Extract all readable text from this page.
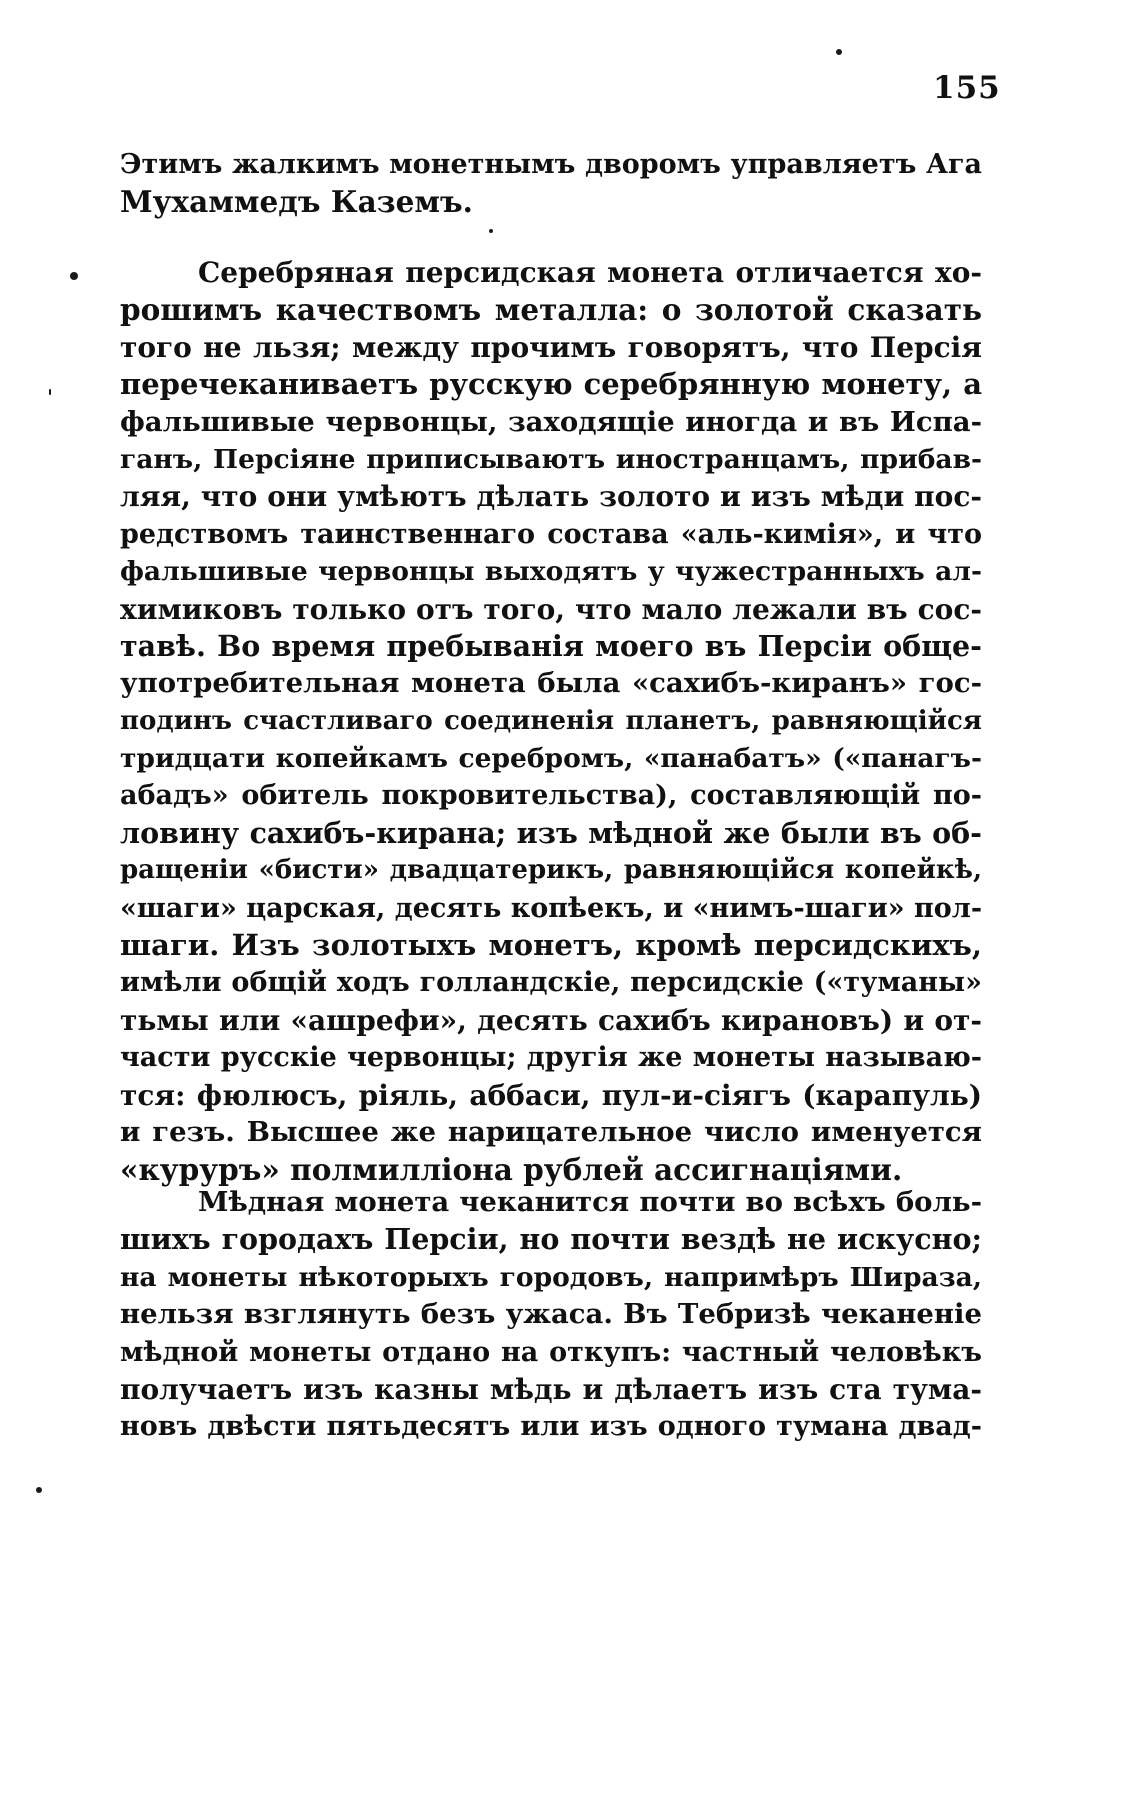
155
Этимъ жалкимъ монетнымъ дворомъ управляетъ Ага
Мухаммедъ Каземъ.
Серебряная персидская монета отличается хо-
рошимъ качествомъ металла: о золотой сказать
того не льзя; между прочимъ говорятъ, что Персія
перечеканиваетъ русскую серебрянную монету, а
фальшивые червонцы, заходящіе иногда и въ Испа-
ганъ, Персіяне приписываютъ иностранцамъ, прибав-
ляя, что они умѣютъ дѣлать золото и изъ мѣди пос-
редствомъ таинственнаго состава «аль-кимія», и что
фальшивые червонцы выходятъ у чужестранныхъ ал-
химиковъ только отъ того, что мало лежали въ сос-
тавѣ. Во время пребыванія моего въ Персіи обще-
употребительная монета была «сахибъ-киранъ» гос-
подинъ счастливаго соединенія планетъ, равняющійся
тридцати копейкамъ серебромъ, «панабатъ» («панагъ-
абадъ» обитель покровительства), составляющій по-
ловину сахибъ-кирана; изъ мѣдной же были въ об-
ращеніи «бисти» двадцатерикъ, равняющійся копейкѣ,
«шаги» царская, десять копѣекъ, и «нимъ-шаги» пол-
шаги. Изъ золотыхъ монетъ, кромѣ персидскихъ,
имѣли общій ходъ голландскіе, персидскіе («туманы»
тьмы или «ашрефи», десять сахибъ кирановъ) и от-
части русскіе червонцы; другія же монеты называю-
тся: фюлюсъ, ріяль, аббаси, пул-и-сіягъ (карапуль)
и гезъ. Высшее же нарицательное число именуется
«куруръ» полмилліона рублей ассигнаціями.
Мѣдная монета чеканится почти во всѣхъ боль-
шихъ городахъ Персіи, но почти вездѣ не искусно;
на монеты нѣкоторыхъ городовъ, напримѣръ Шираза,
нельзя взглянуть безъ ужаса. Въ Тебризѣ чеканеніе
мѣдной монеты отдано на откупъ: частный человѣкъ
получаетъ изъ казны мѣдь и дѣлаетъ изъ ста тума-
новъ двѣсти пятьдесятъ или изъ одного тумана двад-
